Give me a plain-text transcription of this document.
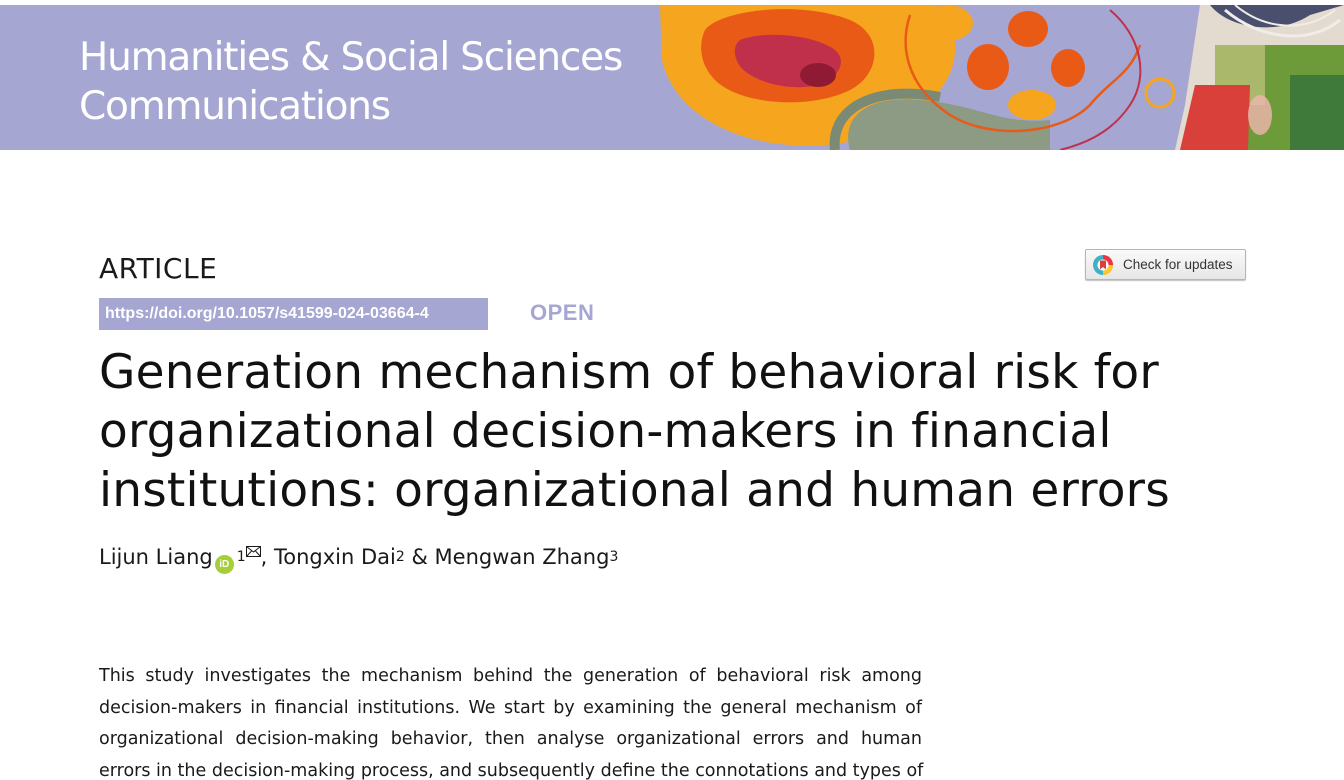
Humanities & Social Sciences
Communications
ARTICLE
https://doi.org/10.1057/s41599-024-03664-4	OPEN
Check for updates
Generation mechanism of behavioral risk for
organizational decision-makers in financial
institutions: organizational and human errors
Lijun Liang iD $^1$ , Tongxin Dai$^2$ & Mengwan Zhang$^3$
This study investigates the mechanism behind the generation of behavioral risk among
decision-makers in financial institutions. We start by examining the general mechanism of
organizational decision-making behavior, then analyse organizational errors and human
errors in the decision-making process, and subsequently define the connotations and types of
